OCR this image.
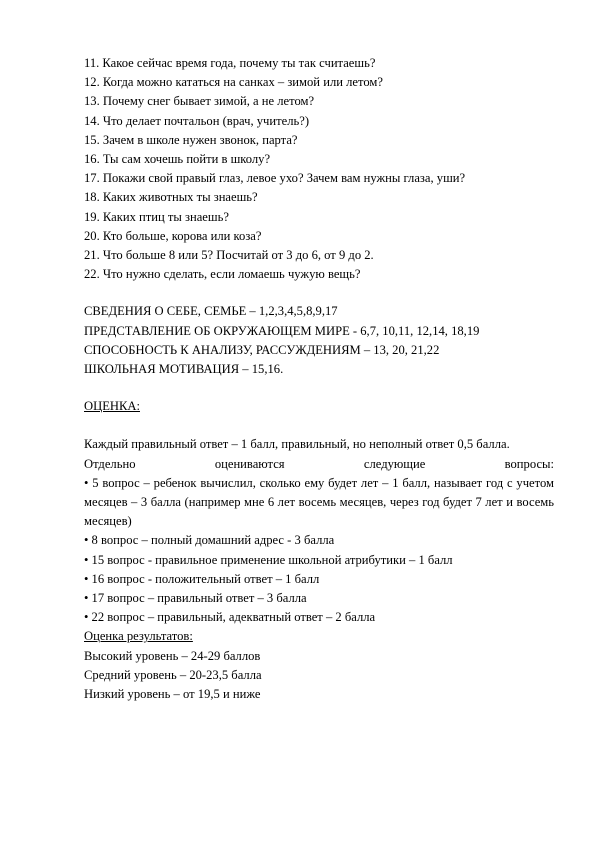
11. Какое сейчас время года, почему ты так считаешь?
12. Когда можно кататься на санках – зимой или летом?
13. Почему снег бывает зимой, а не летом?
14. Что делает почтальон (врач, учитель?)
15. Зачем в школе нужен звонок, парта?
16. Ты сам хочешь пойти в школу?
17. Покажи свой правый глаз, левое ухо? Зачем вам нужны глаза, уши?
18. Каких животных ты знаешь?
19. Каких птиц ты знаешь?
20. Кто больше, корова или коза?
21. Что больше 8 или 5? Посчитай от 3 до 6, от 9 до 2.
22. Что нужно сделать, если ломаешь чужую вещь?
СВЕДЕНИЯ О СЕБЕ, СЕМЬЕ – 1,2,3,4,5,8,9,17
ПРЕДСТАВЛЕНИЕ ОБ ОКРУЖАЮЩЕМ МИРЕ - 6,7, 10,11, 12,14, 18,19
СПОСОБНОСТЬ К АНАЛИЗУ, РАССУЖДЕНИЯМ – 13, 20, 21,22
ШКОЛЬНАЯ МОТИВАЦИЯ – 15,16.
ОЦЕНКА:
Каждый правильный ответ – 1 балл, правильный, но неполный ответ 0,5 балла.
Отдельно	оцениваются	следующие	вопросы:
• 5 вопрос – ребенок вычислил, сколько ему будет лет – 1 балл, называет год с учетом месяцев – 3 балла (например мне 6 лет восемь месяцев, через год будет 7 лет и восемь месяцев)
• 8 вопрос – полный домашний адрес - 3 балла
• 15 вопрос - правильное применение школьной атрибутики – 1 балл
• 16 вопрос - положительный ответ – 1 балл
• 17 вопрос – правильный ответ – 3 балла
• 22 вопрос – правильный, адекватный ответ – 2 балла
Оценка результатов:
Высокий уровень – 24-29 баллов
Средний уровень – 20-23,5 балла
Низкий уровень – от 19,5 и ниже
